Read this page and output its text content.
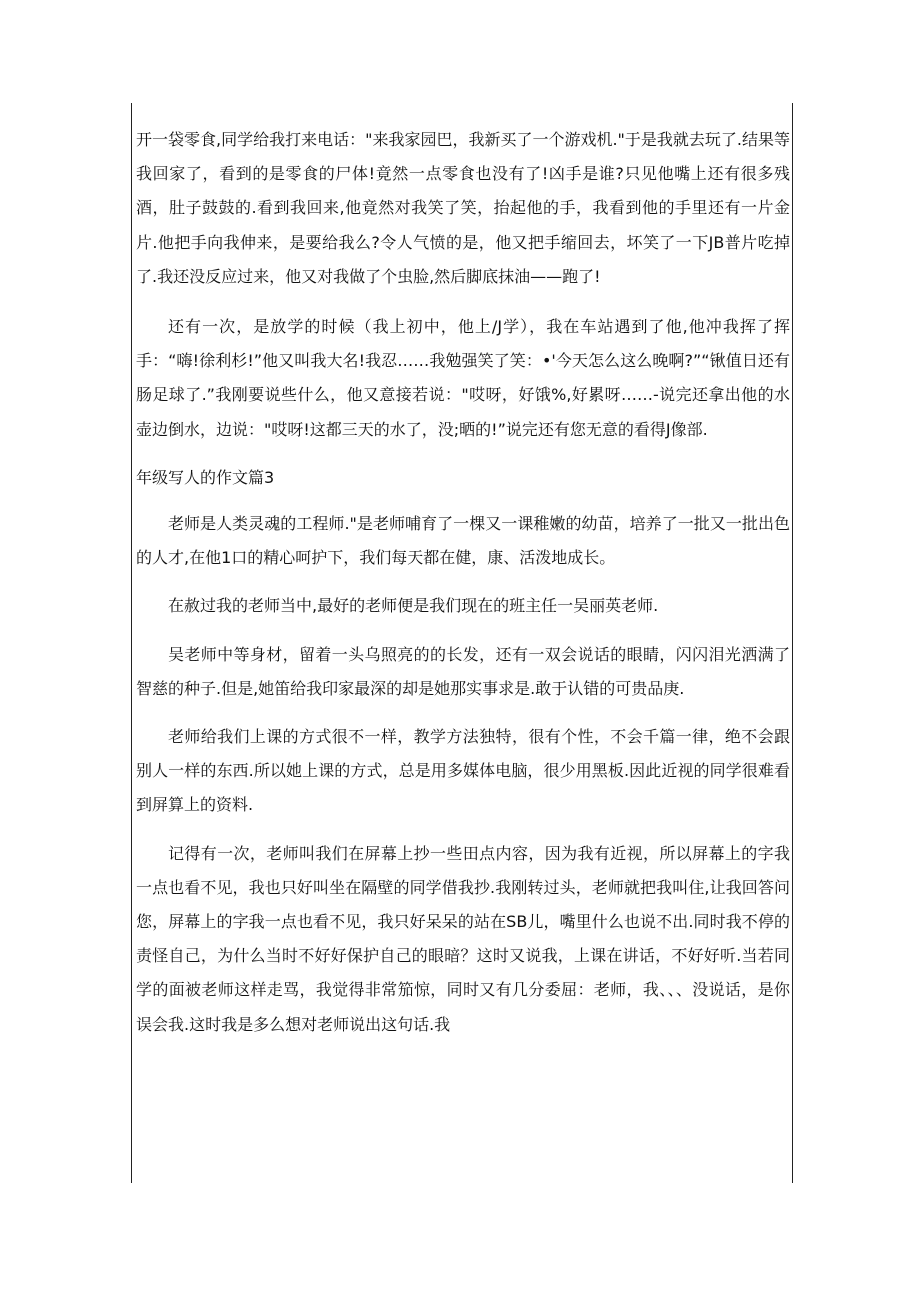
开一袋零食,同学给我打来电话："来我家园巴，我新买了一个游戏机."于是我就去玩了.结果等我回家了，看到的是零食的尸体!竟然一点零食也没有了!凶手是谁?只见他嘴上还有很多残酒，肚子鼓鼓的.看到我回来,他竟然对我笑了笑，抬起他的手，我看到他的手里还有一片金片.他把手向我伸来，是要给我么?令人气愤的是，他又把手缩回去，坏笑了一下JB普片吃掉了.我还没反应过来，他又对我做了个虫脸,然后脚底抹油——跑了!

还有一次，是放学的时候（我上初中，他上/J学），我在车站遇到了他,他冲我挥了挥手：“嗨!徐利杉!”他又叫我大名!我忍……我勉强笑了笑：•'今天怎么这么晚啊?”“锹值日还有肠足球了.”我刚要说些什么，他又意接若说："哎呀，好饿%,好累呀……-说完还拿出他的水壶边倒水，边说："哎呀!这都三天的水了，没;晒的!”说完还有您无意的看得J像部.

年级写人的作文篇3

老师是人类灵魂的工程师."是老师哺育了一棵又一课稚嫩的幼苗，培养了一批又一批出色的人才,在他1口的精心呵护下，我们每天都在健，康、活泼地成长。

在赦过我的老师当中,最好的老师便是我们现在的班主任一吴丽英老师.

吴老师中等身材，留着一头乌照亮的的长发，还有一双会说话的眼睛，闪闪泪光洒满了智慈的种子.但是,她笛给我印家最深的却是她那实事求是.敢于认错的可贵品庚.

老师给我们上课的方式很不一样，教学方法独特，很有个性，不会千篇一律，绝不会跟别人一样的东西.所以她上课的方式，总是用多媒体电脑，很少用黑板.因此近视的同学很难看到屏算上的资料.

记得有一次，老师叫我们在屏幕上抄一些田点内容，因为我有近视，所以屏幕上的字我一点也看不见，我也只好叫坐在隔壁的同学借我抄.我刚转过头，老师就把我叫住,让我回答问您，屏幕上的字我一点也看不见，我只好呆呆的站在SB儿，嘴里什么也说不出.同时我不停的责怪自己，为什么当时不好好保护自己的眼暗？这时又说我，上课在讲话，不好好听.当若同学的面被老师这样走骂，我觉得非常笳惊，同时又有几分委屈：老师，我、、、没说话，是你误会我.这时我是多么想对老师说出这句话.我
